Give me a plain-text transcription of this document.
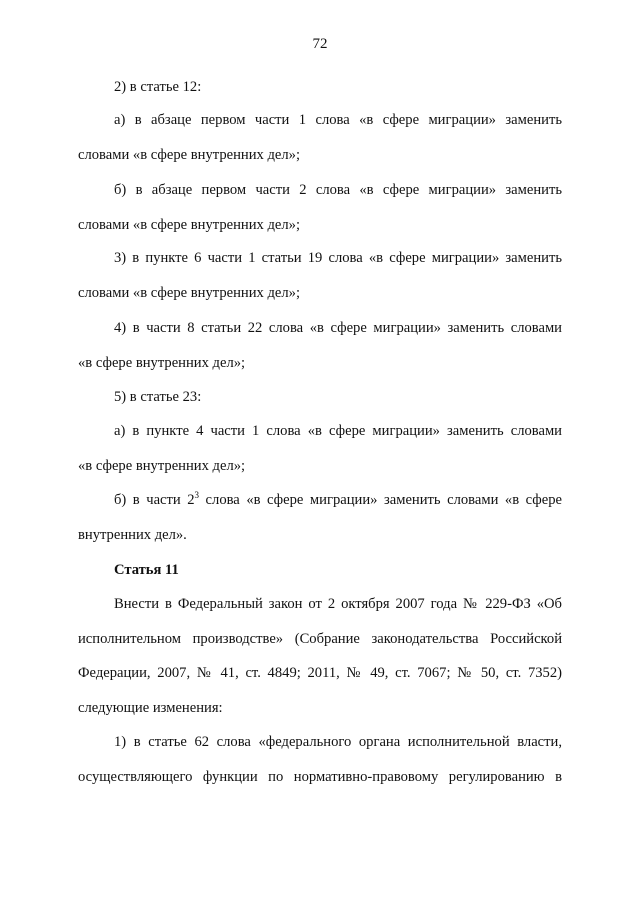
72
2) в статье 12:
а) в абзаце первом части 1 слова «в сфере миграции» заменить
словами «в сфере внутренних дел»;
б) в абзаце первом части 2 слова «в сфере миграции» заменить
словами «в сфере внутренних дел»;
3) в пункте 6 части 1 статьи 19 слова «в сфере миграции» заменить
словами «в сфере внутренних дел»;
4) в части 8 статьи 22 слова «в сфере миграции» заменить словами
«в сфере внутренних дел»;
5) в статье 23:
а) в пункте 4 части 1 слова «в сфере миграции» заменить словами
«в сфере внутренних дел»;
б) в части $2^3$ слова «в сфере миграции» заменить словами «в сфере
внутренних дел».
Статья 11
Внести в Федеральный закон от 2 октября 2007 года № 229-ФЗ «Об
исполнительном производстве» (Собрание законодательства Российской
Федерации, 2007, № 41, ст. 4849; 2011, № 49, ст. 7067; № 50, ст. 7352)
следующие изменения:
1) в статье 62 слова «федерального органа исполнительной власти,
осуществляющего функции по нормативно-правовому регулированию в
